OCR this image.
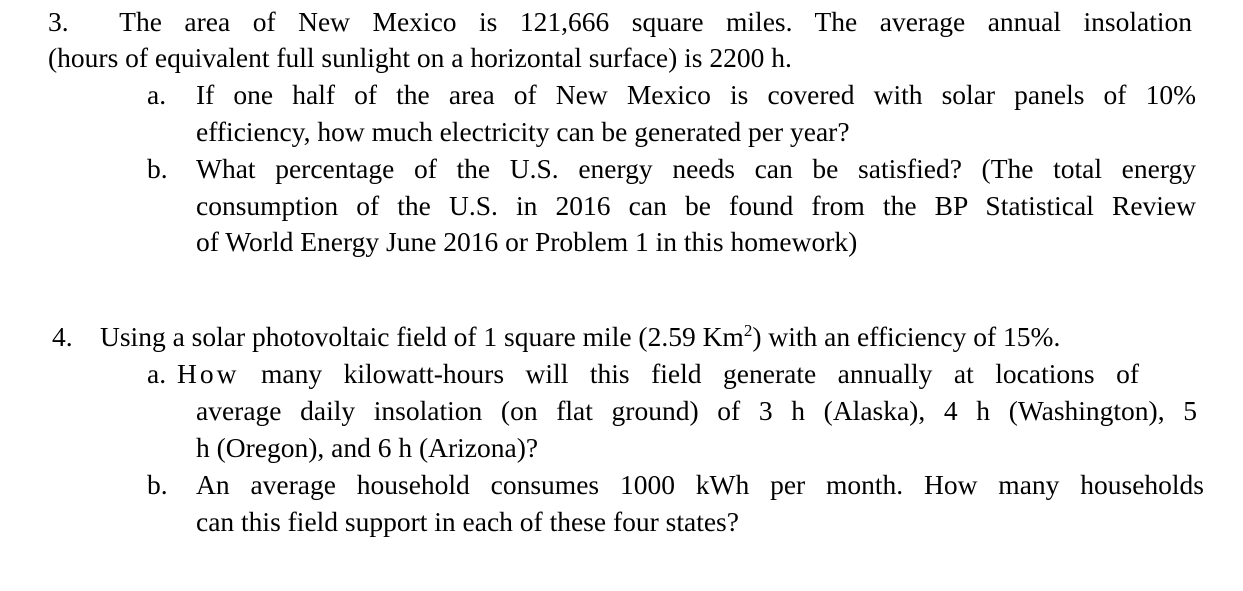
3. The area of New Mexico is 121,666 square miles. The average annual insolation
(hours of equivalent full sunlight on a horizontal surface) is 2200 h.
a. If one half of the area of New Mexico is covered with solar panels of 10%
efficiency, how much electricity can be generated per year?
b. What percentage of the U.S. energy needs can be satisfied? (The total energy
consumption of the U.S. in 2016 can be found from the BP Statistical Review
of World Energy June 2016 or Problem 1 in this homework)
4. Using a solar photovoltaic field of 1 square mile (2.59 Km$^2$) with an efficiency of 15%.
a. How many kilowatt-hours will this field generate annually at locations of
average daily insolation (on flat ground) of 3 h (Alaska), 4 h (Washington), 5
h (Oregon), and 6 h (Arizona)?
b. An average household consumes 1000 kWh per month. How many households
can this field support in each of these four states?
